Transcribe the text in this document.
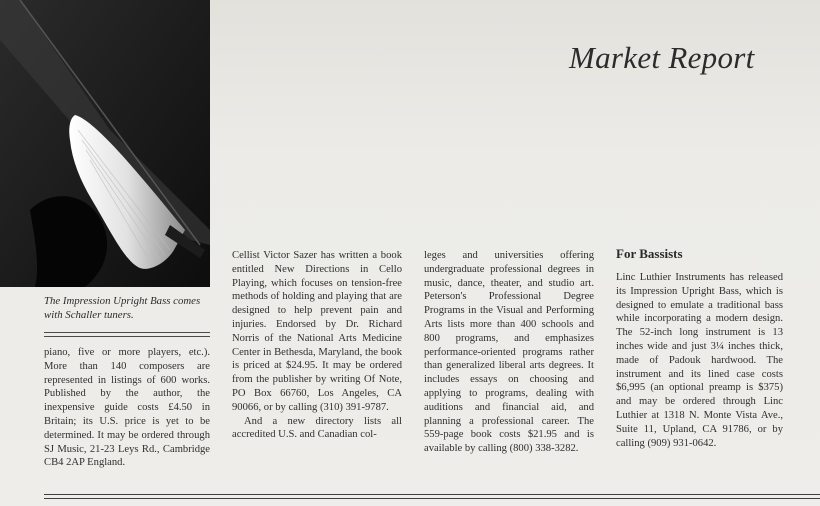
The Impression Upright Bass comes with Schaller tuners.
Market Report

piano, five or more players, etc.). More than 140 composers are represented in listings of 600 works. Published by the author, the inexpensive guide costs £4.50 in Britain; its U.S. price is yet to be determined. It may be ordered through SJ Music, 21-23 Leys Rd., Cambridge CB4 2AP England.

Cellist Victor Sazer has written a book entitled New Directions in Cello Playing, which focuses on tension-free methods of holding and playing that are designed to help prevent pain and injuries. Endorsed by Dr. Richard Norris of the National Arts Medicine Center in Bethesda, Maryland, the book is priced at $24.95. It may be ordered from the publisher by writing Of Note, PO Box 66760, Los Angeles, CA 90066, or by calling (310) 391-9787.

And a new directory lists all accredited U.S. and Canadian col-

leges and universities offering undergraduate professional degrees in music, dance, theater, and studio art. Peterson's Professional Degree Programs in the Visual and Performing Arts lists more than 400 schools and 800 programs, and emphasizes performance-oriented programs rather than generalized liberal arts degrees. It includes essays on choosing and applying to programs, dealing with auditions and financial aid, and planning a professional career. The 559-page book costs $21.95 and is available by calling (800) 338-3282.

For Bassists

Linc Luthier Instruments has released its Impression Upright Bass, which is designed to emulate a traditional bass while incorporating a modern design. The 52-inch long instrument is 13 inches wide and just 3¼ inches thick, made of Padouk hardwood. The instrument and its lined case costs $6,995 (an optional preamp is $375) and may be ordered through Linc Luthier at 1318 N. Monte Vista Ave., Suite 11, Upland, CA 91786, or by calling (909) 931-0642.
